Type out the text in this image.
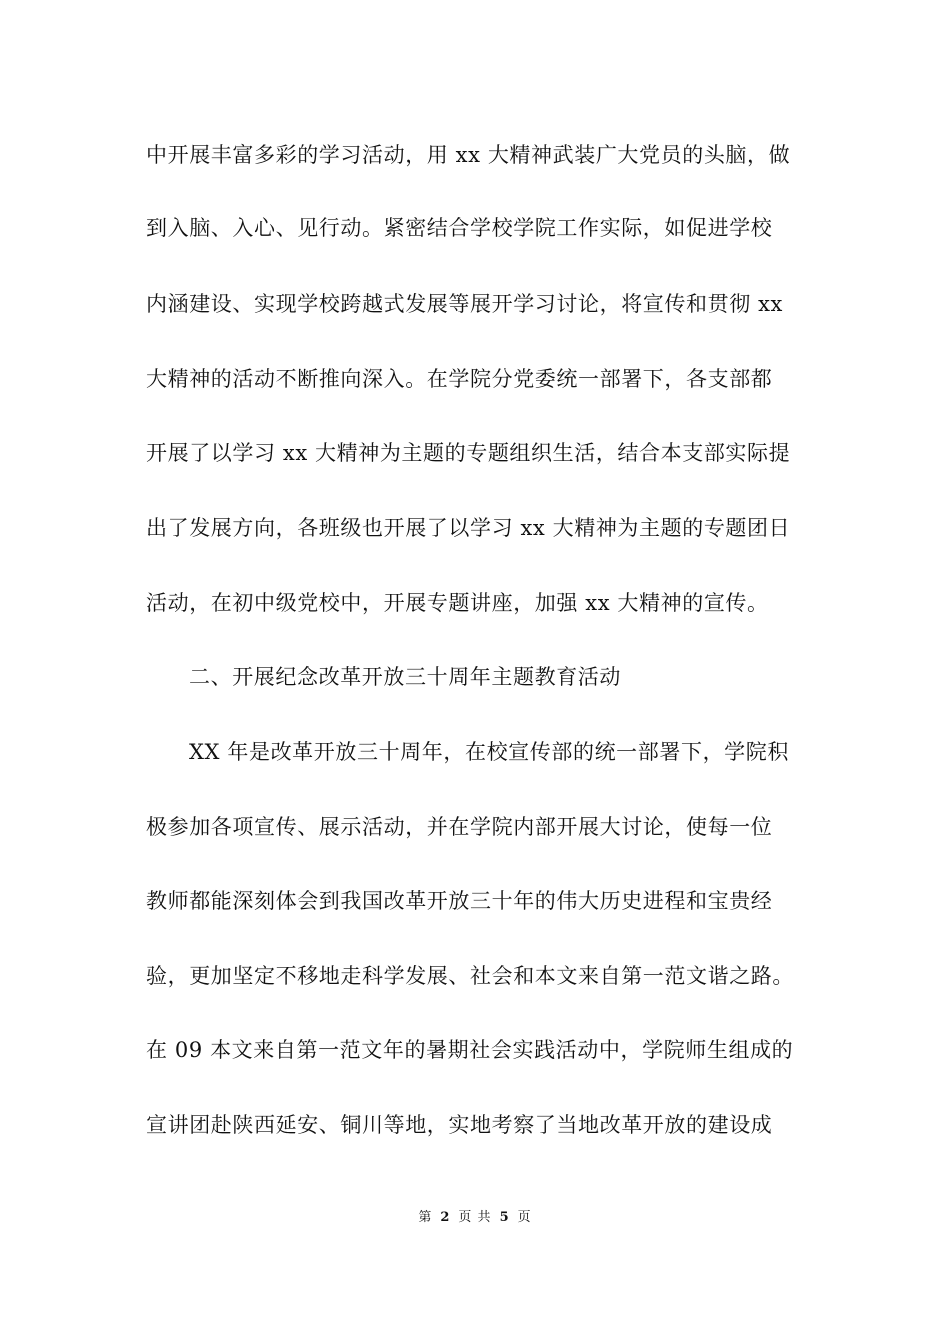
中开展丰富多彩的学习活动，用 xx 大精神武装广大党员的头脑，做
到入脑、入心、见行动。紧密结合学校学院工作实际，如促进学校
内涵建设、实现学校跨越式发展等展开学习讨论，将宣传和贯彻 xx
大精神的活动不断推向深入。在学院分党委统一部署下，各支部都
开展了以学习 xx 大精神为主题的专题组织生活，结合本支部实际提
出了发展方向，各班级也开展了以学习 xx 大精神为主题的专题团日
活动，在初中级党校中，开展专题讲座，加强 xx 大精神的宣传。
二、开展纪念改革开放三十周年主题教育活动
XX 年是改革开放三十周年，在校宣传部的统一部署下，学院积
极参加各项宣传、展示活动，并在学院内部开展大讨论，使每一位
教师都能深刻体会到我国改革开放三十年的伟大历史进程和宝贵经
验，更加坚定不移地走科学发展、社会和本文来自第一范文谐之路。
在 09 本文来自第一范文年的暑期社会实践活动中，学院师生组成的
宣讲团赴陕西延安、铜川等地，实地考察了当地改革开放的建设成
第 2 页 共 5 页
